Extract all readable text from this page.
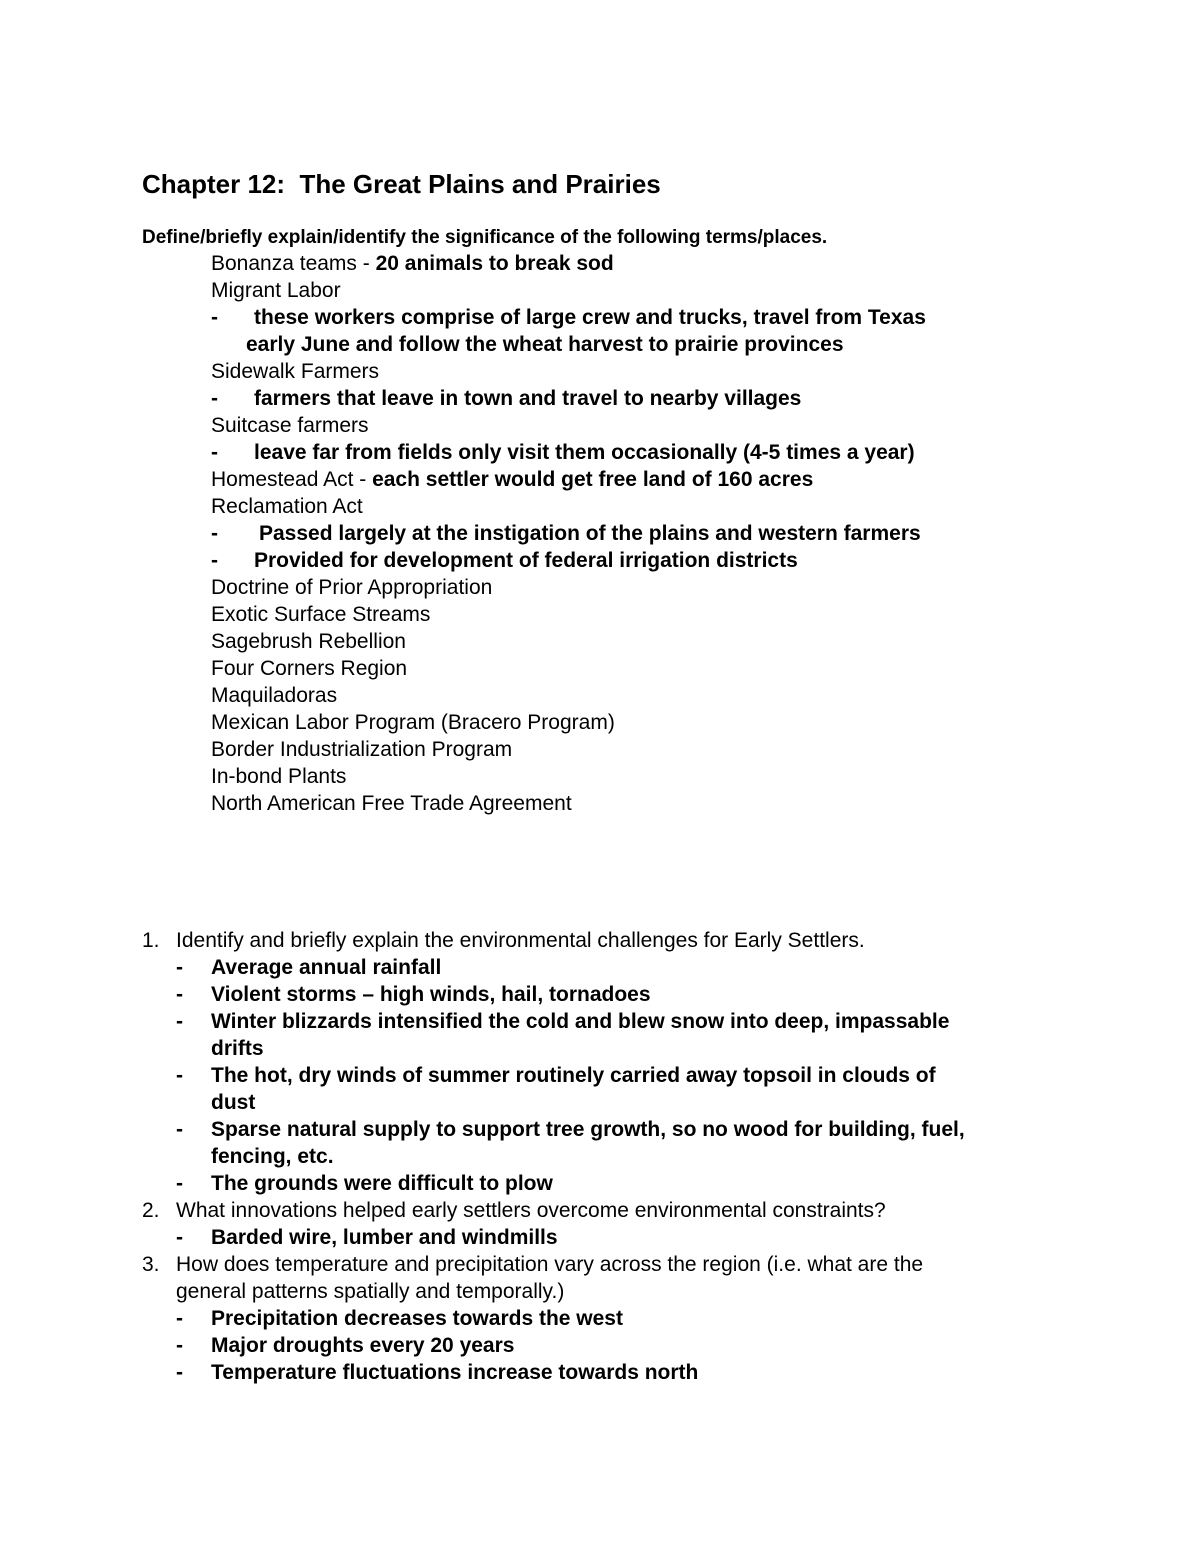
Chapter 12:  The Great Plains and Prairies
Define/briefly explain/identify the significance of the following terms/places.
Bonanza teams - 20 animals to break sod
Migrant Labor
- these workers comprise of large crew and trucks, travel from Texas
early June and follow the wheat harvest to prairie provinces
Sidewalk Farmers
- farmers that leave in town and travel to nearby villages
Suitcase farmers
- leave far from fields only visit them occasionally (4-5 times a year)
Homestead Act - each settler would get free land of 160 acres
Reclamation Act
- Passed largely at the instigation of the plains and western farmers
- Provided for development of federal irrigation districts
Doctrine of Prior Appropriation
Exotic Surface Streams
Sagebrush Rebellion
Four Corners Region
Maquiladoras
Mexican Labor Program (Bracero Program)
Border Industrialization Program
In-bond Plants
North American Free Trade Agreement
1. Identify and briefly explain the environmental challenges for Early Settlers.
- Average annual rainfall
- Violent storms – high winds, hail, tornadoes
- Winter blizzards intensified the cold and blew snow into deep, impassable
drifts
- The hot, dry winds of summer routinely carried away topsoil in clouds of
dust
- Sparse natural supply to support tree growth, so no wood for building, fuel,
fencing, etc.
- The grounds were difficult to plow
2. What innovations helped early settlers overcome environmental constraints?
- Barded wire, lumber and windmills
3. How does temperature and precipitation vary across the region (i.e. what are the
general patterns spatially and temporally.)
- Precipitation decreases towards the west
- Major droughts every 20 years
- Temperature fluctuations increase towards north
